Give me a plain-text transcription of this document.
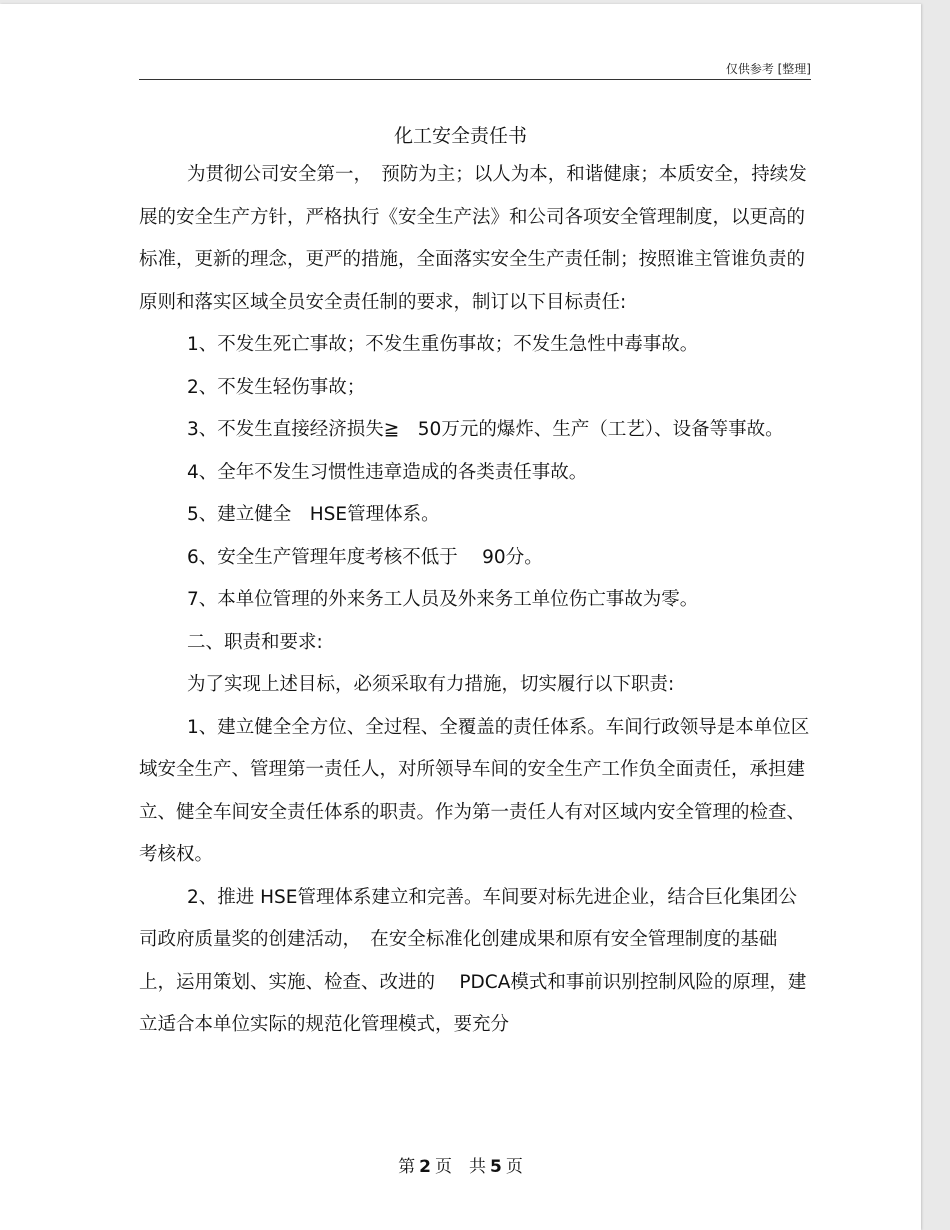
仅供参考 [整理]
化工安全责任书

为贯彻公司安全第一，　预防为主；以人为本，和谐健康；本质安全，持续发展的安全生产方针，严格执行《安全生产法》和公司各项安全管理制度，以更高的标准，更新的理念，更严的措施，全面落实安全生产责任制；按照谁主管谁负责的原则和落实区域全员安全责任制的要求，制订以下目标责任:

1、不发生死亡事故；不发生重伤事故；不发生急性中毒事故。

2、不发生轻伤事故；

3、不发生直接经济损失≧　50万元的爆炸、生产（工艺）、设备等事故。

4、全年不发生习惯性违章造成的各类责任事故。

5、建立健全　HSE管理体系。

6、安全生产管理年度考核不低于　 90分。

7、本单位管理的外来务工人员及外来务工单位伤亡事故为零。

二、职责和要求:

为了实现上述目标，必须采取有力措施，切实履行以下职责:

1、建立健全全方位、全过程、全覆盖的责任体系。车间行政领导是本单位区域安全生产、管理第一责任人，对所领导车间的安全生产工作负全面责任，承担建立、健全车间安全责任体系的职责。作为第一责任人有对区域内安全管理的检查、考核权。

2、推进 HSE管理体系建立和完善。车间要对标先进企业，结合巨化集团公司政府质量奖的创建活动，　在安全标准化创建成果和原有安全管理制度的基础上，运用策划、实施、检查、改进的　 PDCA模式和事前识别控制风险的原理，建立适合本单位实际的规范化管理模式，要充分

第 2 页　共 5 页
